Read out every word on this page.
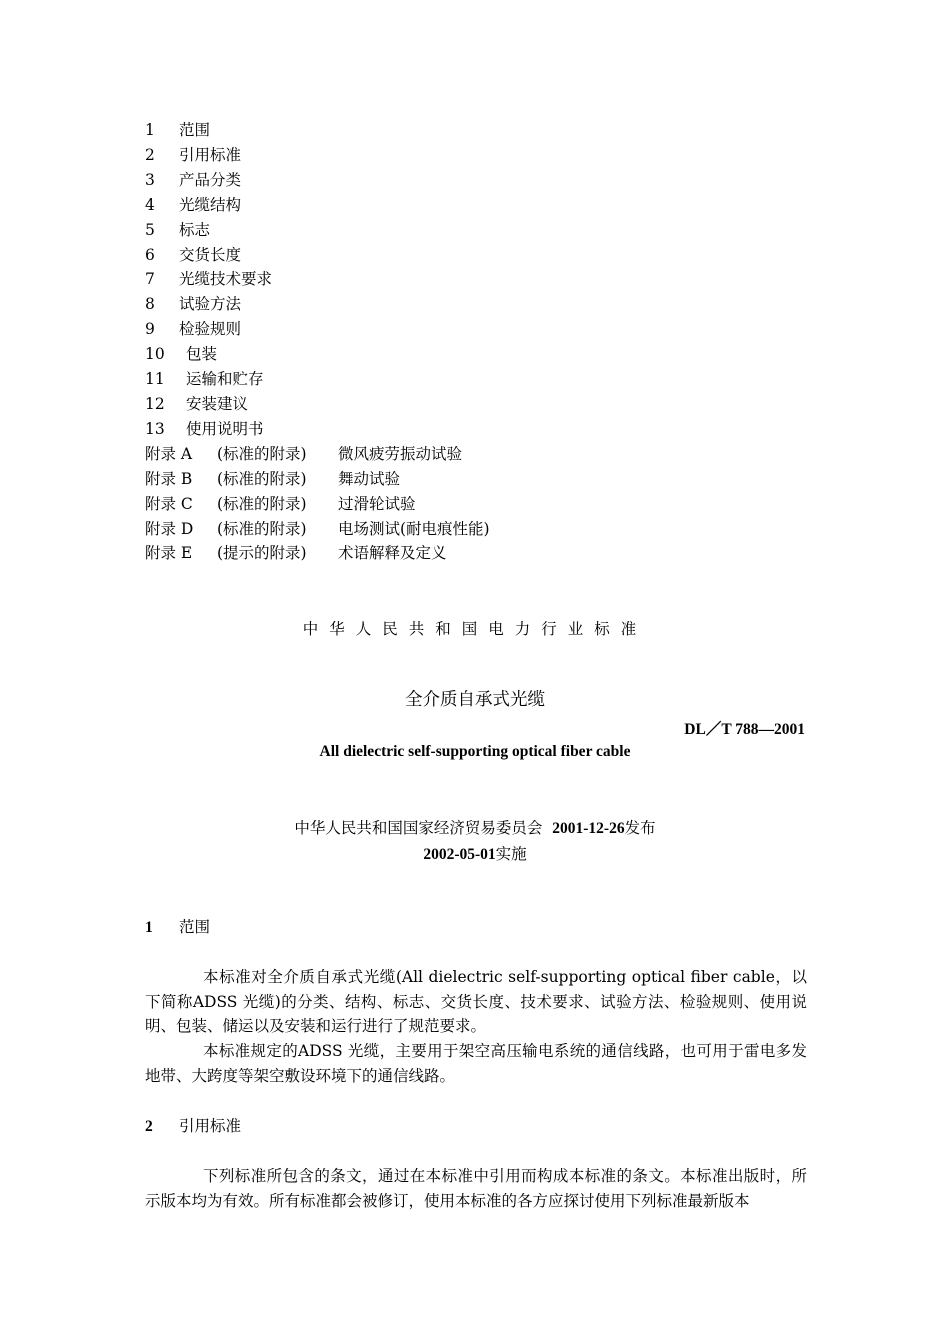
1	范围
2	引用标准
3	产品分类
4	光缆结构
5	标志
6	交货长度
7	光缆技术要求
8	试验方法
9	检验规则
10	包装
11	运输和贮存
12	安装建议
13	使用说明书
附录 A	(标准的附录)	微风疲劳振动试验
附录 B	(标准的附录)	舞动试验
附录 C	(标准的附录)	过滑轮试验
附录 D	(标准的附录)	电场测试(耐电痕性能)
附录 E	(提示的附录)	术语解释及定义
中华人民共和国电力行业标准
全介质自承式光缆
DL／T 788—2001
All dielectric self-supporting optical fiber cable
中华人民共和国国家经济贸易委员会 2001-12-26发布
2002-05-01实施
1 范围
本标准对全介质自承式光缆(All dielectric self-supporting optical fiber cable，以下简称ADSS 光缆)的分类、结构、标志、交货长度、技术要求、试验方法、检验规则、使用说明、包装、储运以及安装和运行进行了规范要求。
本标准规定的ADSS 光缆，主要用于架空高压输电系统的通信线路，也可用于雷电多发地带、大跨度等架空敷设环境下的通信线路。
2 引用标准
下列标准所包含的条文，通过在本标准中引用而构成本标准的条文。本标准出版时，所示版本均为有效。所有标准都会被修订，使用本标准的各方应探讨使用下列标准最新版本
